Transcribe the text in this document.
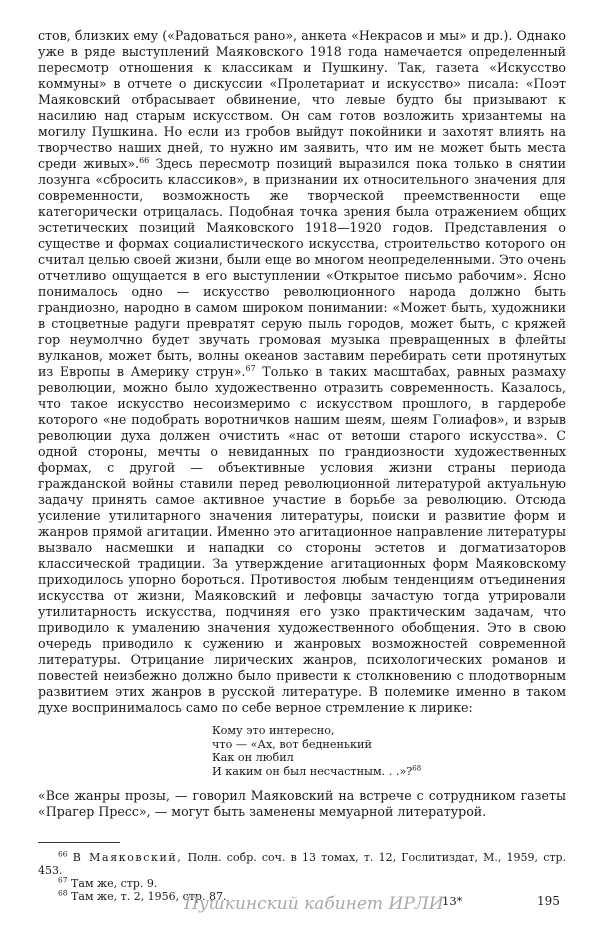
стов, близких ему («Радоваться рано», анкета «Некрасов и мы» и др.). Однако уже в ряде выступлений Маяковского 1918 года намечается определенный пересмотр отношения к классикам и Пушкину. Так, газета «Искусство коммуны» в отчете о дискуссии «Пролетариат и искусство» писала: «Поэт Маяковский отбрасывает обвинение, что левые будто бы призывают к насилию над старым искусством. Он сам готов возложить хризантемы на могилу Пушкина. Но если из гробов выйдут покойники и захотят влиять на творчество наших дней, то нужно им заявить, что им не может быть места среди живых».$^{66}$ Здесь пересмотр позиций выразился пока только в снятии лозунга «сбросить классиков», в признании их относительного значения для современности, возможность же творческой преемственности еще категорически отрицалась. Подобная точка зрения была отражением общих эстетических позиций Маяковского 1918—1920 годов. Представления о существе и формах социалистического искусства, строительство которого он считал целью своей жизни, были еще во многом неопределенными. Это очень отчетливо ощущается в его выступлении «Открытое письмо рабочим». Ясно понималось одно — искусство революционного народа должно быть грандиозно, народно в самом широком понимании: «Может быть, художники в стоцветные радуги превратят серую пыль городов, может быть, с кряжей гор неумолчно будет звучать громовая музыка превращенных в флейты вулканов, может быть, волны океанов заставим перебирать сети протянутых из Европы в Америку струн».$^{67}$ Только в таких масштабах, равных размаху революции, можно было художественно отразить современность. Казалось, что такое искусство несоизмеримо с искусством прошлого, в гардеробе которого «не подобрать воротничков нашим шеям, шеям Голиафов», и взрыв революции духа должен очистить «нас от ветоши старого искусства». С одной стороны, мечты о невиданных по грандиозности художественных формах, с другой — объективные условия жизни страны периода гражданской войны ставили перед революционной литературой актуальную задачу принять самое активное участие в борьбе за революцию. Отсюда усиление утилитарного значения литературы, поиски и развитие форм и жанров прямой агитации. Именно это агитационное направление литературы вызвало насмешки и нападки со стороны эстетов и догматизаторов классической традиции. За утверждение агитационных форм Маяковскому приходилось упорно бороться. Противостоя любым тенденциям отъединения искусства от жизни, Маяковский и лефовцы зачастую тогда утрировали утилитарность искусства, подчиняя его узко практическим задачам, что приводило к умалению значения художественного обобщения. Это в свою очередь приводило к сужению и жанровых возможностей современной литературы. Отрицание лирических жанров, психологических романов и повестей неизбежно должно было привести к столкновению с плодотворным развитием этих жанров в русской литературе. В полемике именно в таком духе воспринималось само по себе верное стремление к лирике:

Кому это интересно,
что — «Ах, вот бедненький
Как он любил
И каким он был несчастным. . .»?$^{68}$

«Все жанры прозы, — говорил Маяковский на встрече с сотрудником газеты «Прагер Пресс», — могут быть заменены мемуарной литературой.

$^{66}$ В Маяковский, Полн. собр. соч. в 13 томах, т. 12, Гослитиздат, М., 1959, стр. 453.
$^{67}$ Там же, стр. 9.
$^{68}$ Там же, т. 2, 1956, стр. 87.
Пушкинский кабинет ИРЛИ
13*	195
